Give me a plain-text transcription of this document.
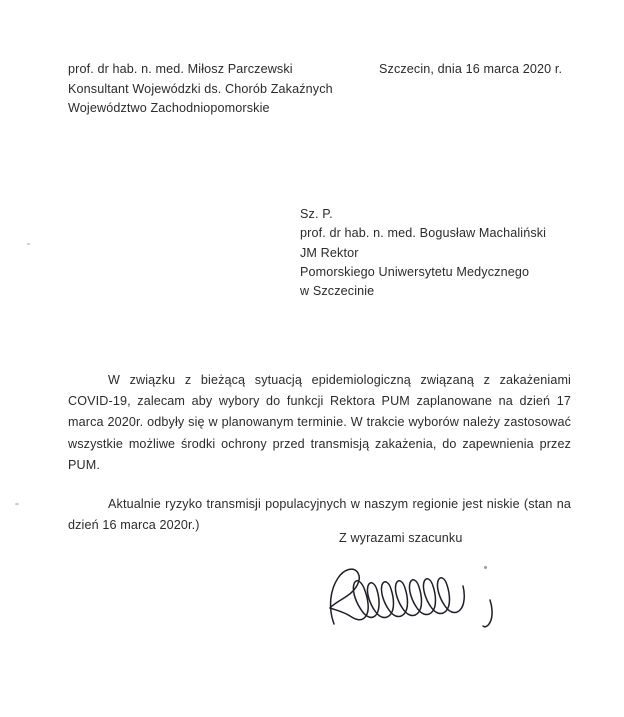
prof. dr hab. n. med. Miłosz Parczewski
Konsultant Wojewódzki ds. Chorób Zakaźnych
Województwo Zachodniopomorskie
Szczecin, dnia 16 marca 2020 r.
Sz. P.
prof. dr hab. n. med. Bogusław Machaliński
JM Rektor
Pomorskiego Uniwersytetu Medycznego
w Szczecinie

W związku z bieżącą sytuacją epidemiologiczną związaną z zakażeniami COVID-19, zalecam aby wybory do funkcji Rektora PUM zaplanowane na dzień 17 marca 2020r. odbyły się w planowanym terminie. W trakcie wyborów należy zastosować wszystkie możliwe środki ochrony przed transmisją zakażenia, do zapewnienia przez PUM.

Aktualnie ryzyko transmisji populacyjnych w naszym regionie jest niskie (stan na dzień 16 marca 2020r.)

Z wyrazami szacunku
